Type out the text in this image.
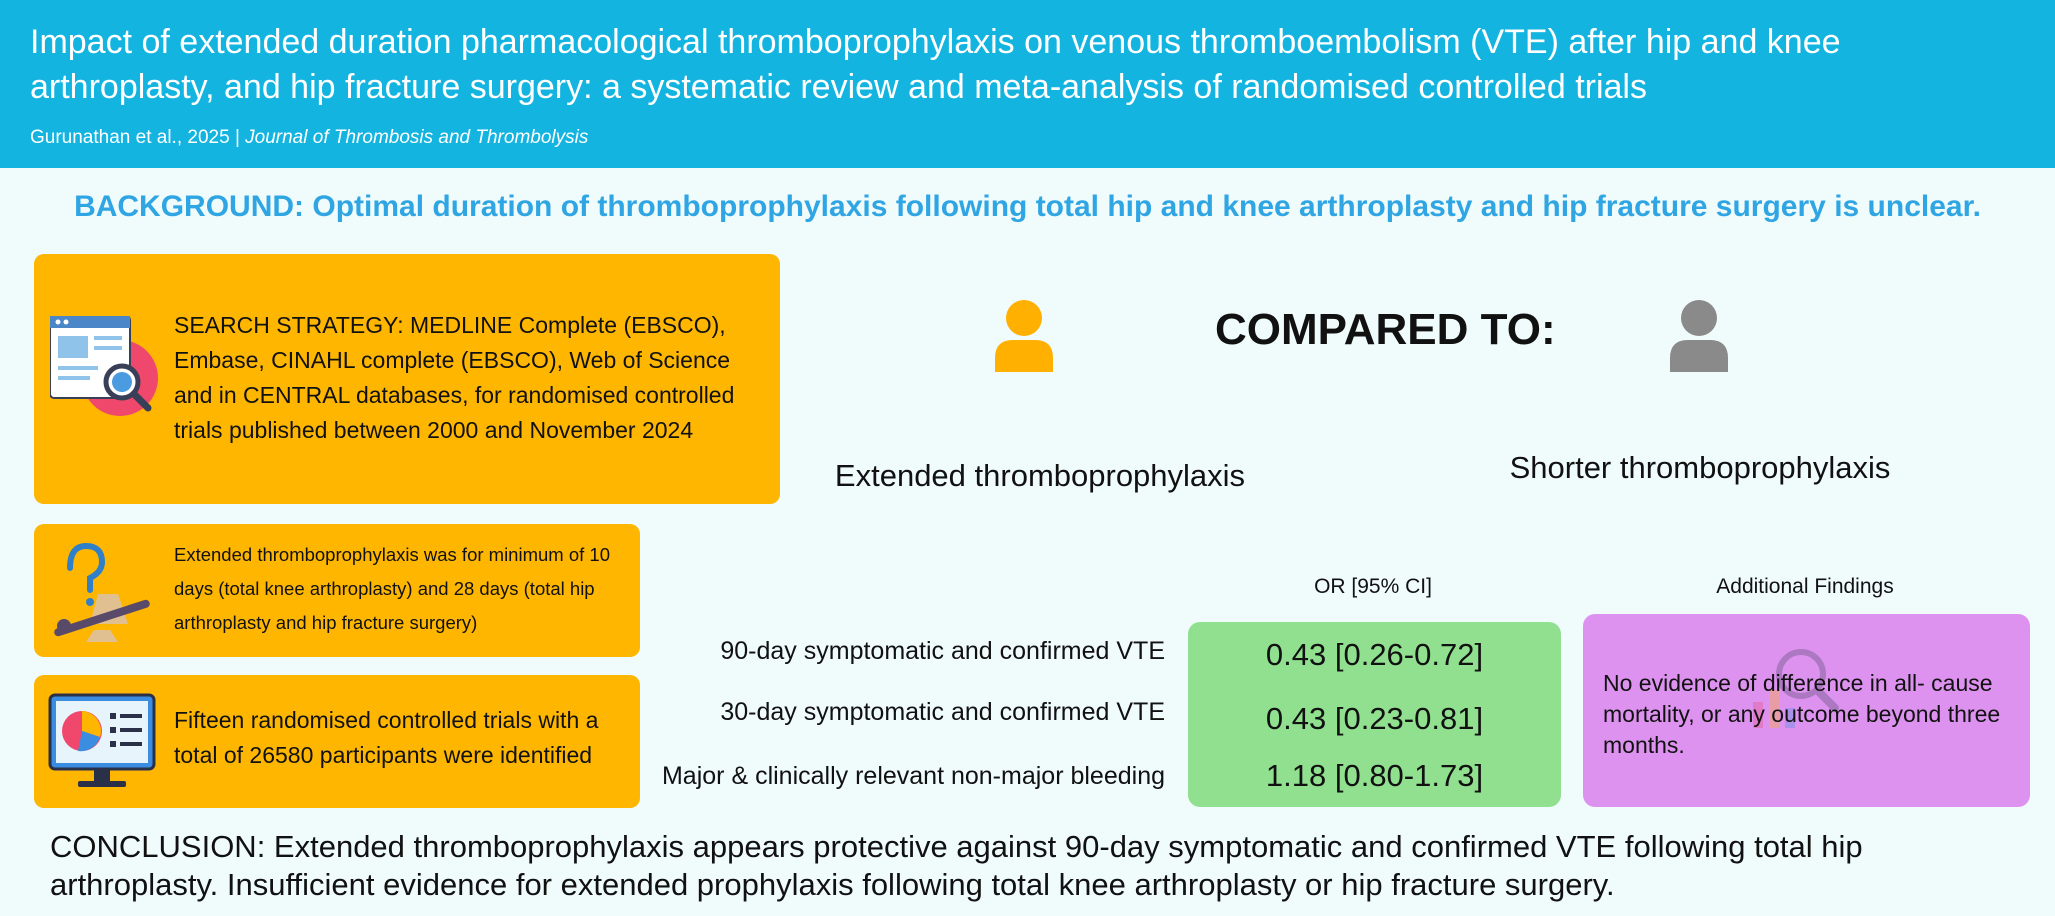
Impact of extended duration pharmacological thromboprophylaxis on venous thromboembolism (VTE) after hip and knee arthroplasty, and hip fracture surgery: a systematic review and meta-analysis of randomised controlled trials
Gurunathan et al., 2025 | Journal of Thrombosis and Thrombolysis
BACKGROUND: Optimal duration of thromboprophylaxis following total hip and knee arthroplasty and hip fracture surgery is unclear.
SEARCH STRATEGY: MEDLINE Complete (EBSCO), Embase, CINAHL complete (EBSCO), Web of Science and in CENTRAL databases, for randomised controlled trials published between 2000 and November 2024
Extended thromboprophylaxis was for minimum of 10 days (total knee arthroplasty) and 28 days (total hip arthroplasty and hip fracture surgery)
Fifteen randomised controlled trials with a total of 26580 participants were identified
COMPARED TO:
Extended thromboprophylaxis	Shorter thromboprophylaxis
OR [95% CI]	Additional Findings
90-day symptomatic and confirmed VTE
30-day symptomatic and confirmed VTE
Major & clinically relevant non-major bleeding
0.43 [0.26-0.72]
0.43 [0.23-0.81]
1.18 [0.80-1.73]
No evidence of difference in all- cause mortality, or any outcome beyond three months.
CONCLUSION: Extended thromboprophylaxis appears protective against 90-day symptomatic and confirmed VTE following total hip arthroplasty. Insufficient evidence for extended prophylaxis following total knee arthroplasty or hip fracture surgery.
